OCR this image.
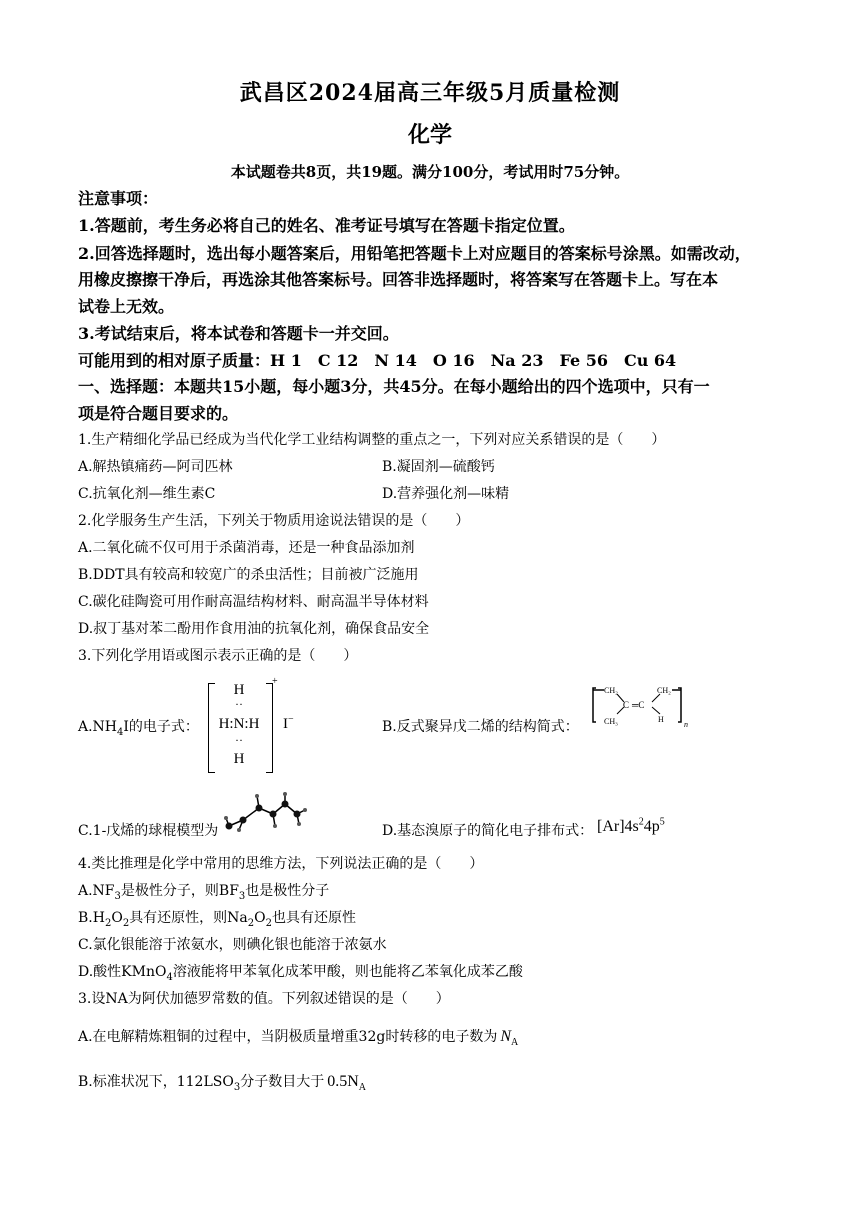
武昌区2024届高三年级5月质量检测
化学
本试题卷共8页，共19题。满分100分，考试用时75分钟。
注意事项：
1.答题前，考生务必将自己的姓名、准考证号填写在答题卡指定位置。
2.回答选择题时，选出每小题答案后，用铅笔把答题卡上对应题目的答案标号涂黑。如需改动，
用橡皮擦擦干净后，再选涂其他答案标号。回答非选择题时，将答案写在答题卡上。写在本
试卷上无效。
3.考试结束后，将本试卷和答题卡一并交回。
可能用到的相对原子质量：H 1　C 12　N 14　O 16　Na 23　Fe 56　Cu 64
一、选择题：本题共15小题，每小题3分，共45分。在每小题给出的四个选项中，只有一
项是符合题目要求的。
1.生产精细化学品已经成为当代化学工业结构调整的重点之一，下列对应关系错误的是（　　）
A.解热镇痛药—阿司匹林	B.凝固剂—硫酸钙
C.抗氧化剂—维生素C	D.营养强化剂—味精
2.化学服务生产生活，下列关于物质用途说法错误的是（　　）
A.二氧化硫不仅可用于杀菌消毒，还是一种食品添加剂
B.DDT具有较高和较宽广的杀虫活性；目前被广泛施用
C.碳化硅陶瓷可用作耐高温结构材料、耐高温半导体材料
D.叔丁基对苯二酚用作食用油的抗氧化剂，确保食品安全
3.下列化学用语或图示表示正确的是（　　）
$A.NH_4I$的电子式：
H
··
H:N:H
··
H
+
I−	B.反式聚异戊二烯的结构简式：
CH₂
CH₃
C ═C
CH₂
H
n
C.1-戊烯的球棍模型为	D.基态溴原子的简化电子排布式： $[Ar]4s^24p^5$
4.类比推理是化学中常用的思维方法，下列说法正确的是（　　）
$A.NF_3$是极性分子，则$BF_3$也是极性分子
$B.H_2O_2$具有还原性，则$Na_2O_2$也具有还原性
C.氯化银能溶于浓氨水，则碘化银也能溶于浓氨水
D.酸性KMnO$_4$溶液能将甲苯氧化成苯甲酸，则也能将乙苯氧化成苯乙酸
3.设NA为阿伏加德罗常数的值。下列叙述错误的是（　　）
A.在电解精炼粗铜的过程中，当阴极质量增重32g时转移的电子数为 $N_A$
B.标准状况下，$112LSO_3$分子数目大于 $0.5N_A$
